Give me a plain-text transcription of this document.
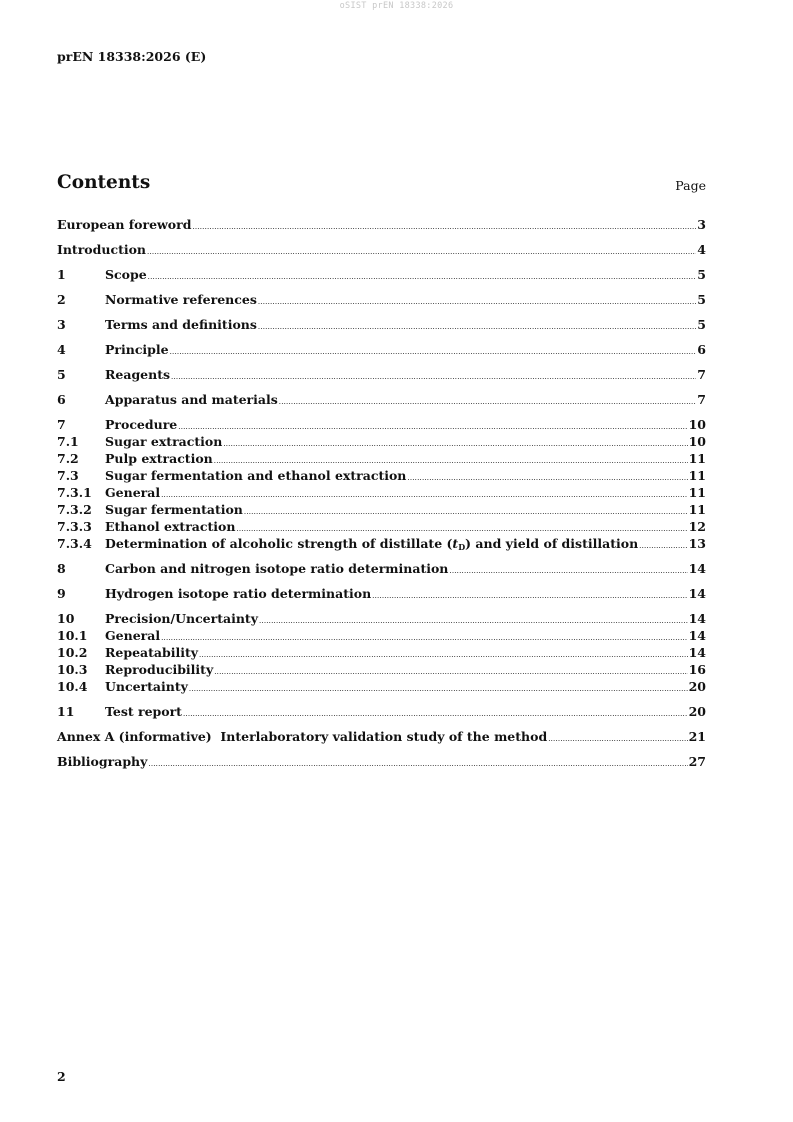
oSIST prEN 18338:2026
prEN 18338:2026 (E)
Contents	Page
European foreword .....	3
Introduction .....	4
1	Scope .....	5
2	Normative references .....	5
3	Terms and definitions .....	5
4	Principle .....	6
5	Reagents .....	7
6	Apparatus and materials .....	7
7	Procedure .....	10
7.1	Sugar extraction .....	10
7.2	Pulp extraction .....	11
7.3	Sugar fermentation and ethanol extraction .....	11
7.3.1	General .....	11
7.3.2	Sugar fermentation .....	11
7.3.3	Ethanol extraction .....	12
7.3.4	Determination of alcoholic strength of distillate $(t_D)$ and yield of distillation .....	13
8	Carbon and nitrogen isotope ratio determination .....	14
9	Hydrogen isotope ratio determination .....	14
10	Precision/Uncertainty .....	14
10.1	General .....	14
10.2	Repeatability .....	14
10.3	Reproducibility .....	16
10.4	Uncertainty .....	20
11	Test report .....	20
Annex A (informative)  Interlaboratory validation study of the method .....	21
Bibliography .....	27
2
